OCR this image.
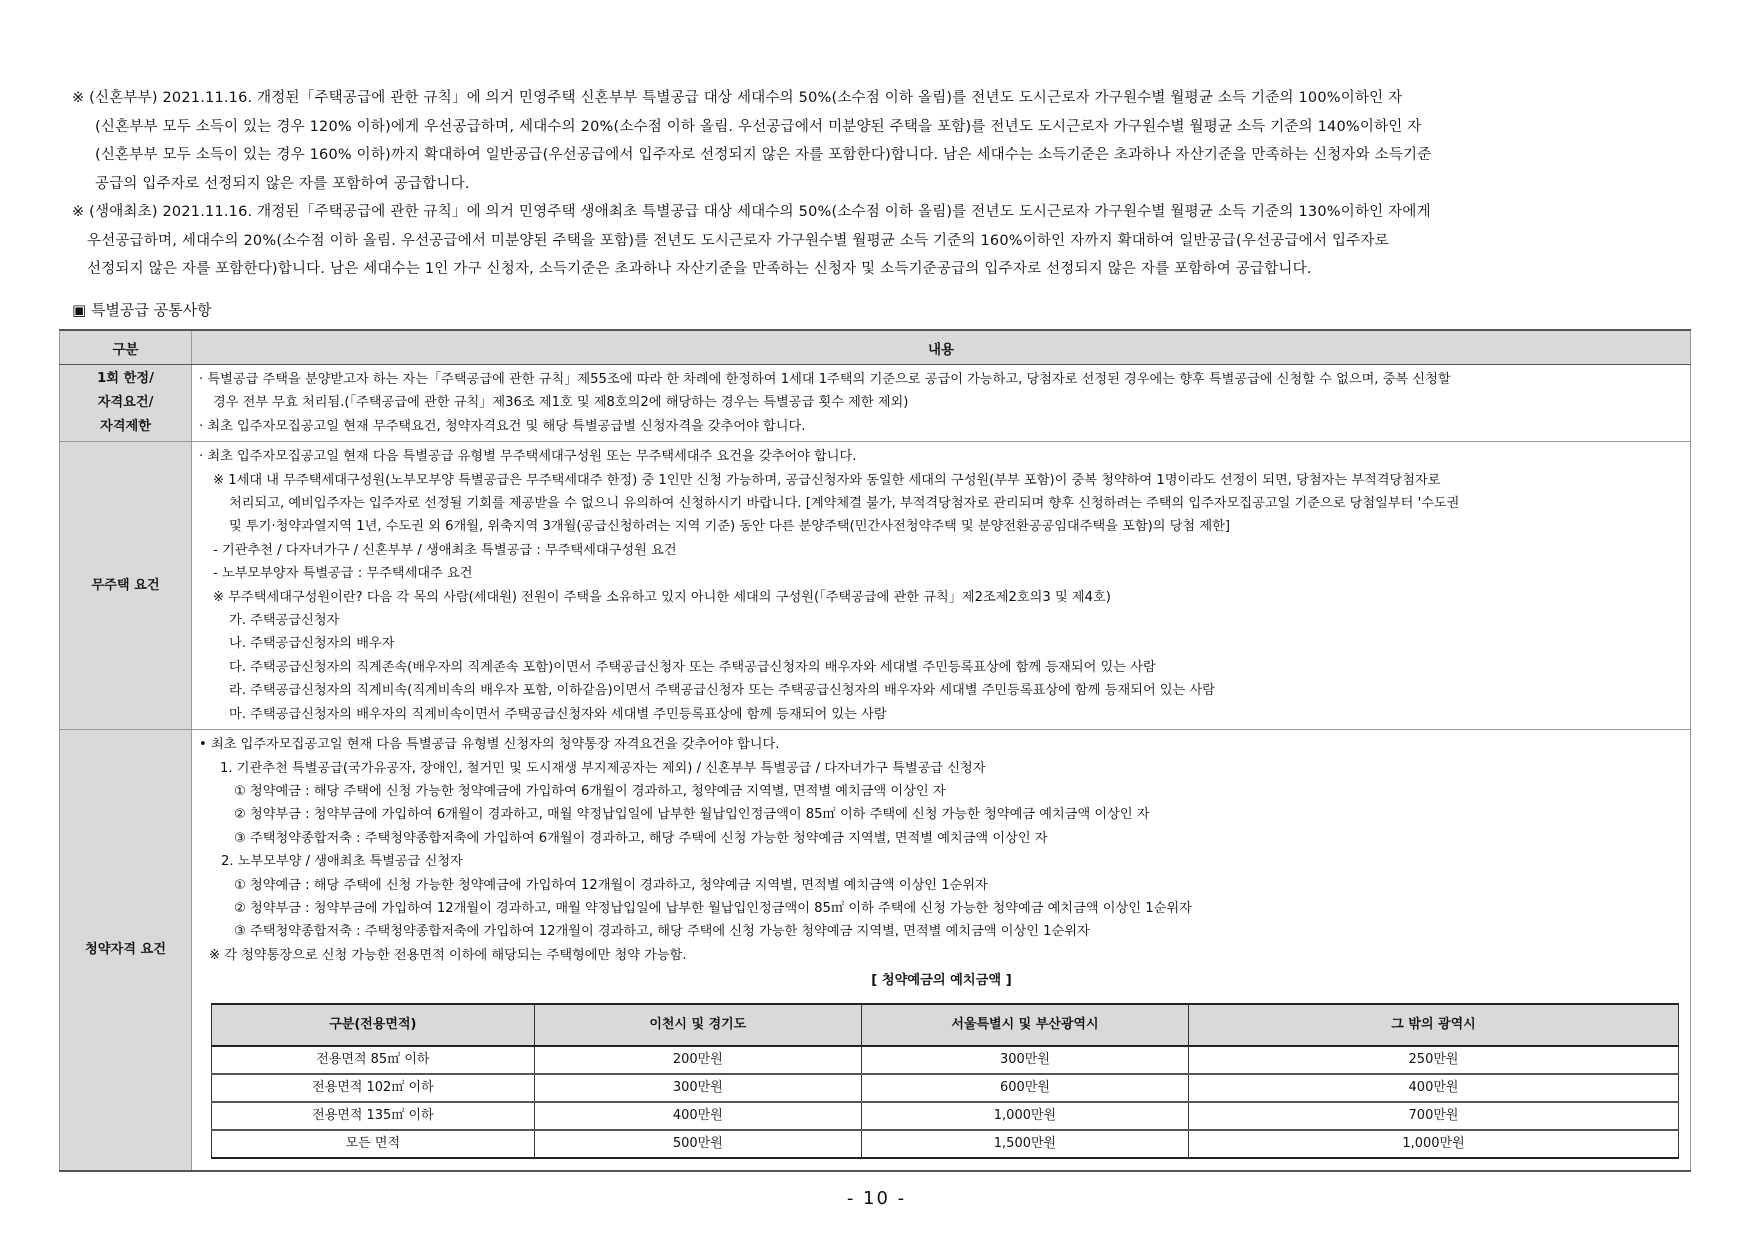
※ (신혼부부) 2021.11.16. 개정된「주택공급에 관한 규칙」에 의거 민영주택 신혼부부 특별공급 대상 세대수의 50%(소수점 이하 올림)를 전년도 도시근로자 가구원수별 월평균 소득 기준의 100%이하인 자
(신혼부부 모두 소득이 있는 경우 120% 이하)에게 우선공급하며, 세대수의 20%(소수점 이하 올림. 우선공급에서 미분양된 주택을 포함)를 전년도 도시근로자 가구원수별 월평균 소득 기준의 140%이하인 자
(신혼부부 모두 소득이 있는 경우 160% 이하)까지 확대하여 일반공급(우선공급에서 입주자로 선정되지 않은 자를 포함한다)합니다. 남은 세대수는 소득기준은 초과하나 자산기준을 만족하는 신청자와 소득기준
공급의 입주자로 선정되지 않은 자를 포함하여 공급합니다.

※ (생애최초) 2021.11.16. 개정된「주택공급에 관한 규칙」에 의거 민영주택 생애최초 특별공급 대상 세대수의 50%(소수점 이하 올림)를 전년도 도시근로자 가구원수별 월평균 소득 기준의 130%이하인 자에게
우선공급하며, 세대수의 20%(소수점 이하 올림. 우선공급에서 미분양된 주택을 포함)를 전년도 도시근로자 가구원수별 월평균 소득 기준의 160%이하인 자까지 확대하여 일반공급(우선공급에서 입주자로
선정되지 않은 자를 포함한다)합니다. 남은 세대수는 1인 가구 신청자, 소득기준은 초과하나 자산기준을 만족하는 신청자 및 소득기준공급의 입주자로 선정되지 않은 자를 포함하여 공급합니다.

▣ 특별공급 공통사항
구분	내용

1회 한정/
자격요건/
자격제한

· 특별공급 주택을 분양받고자 하는 자는「주택공급에 관한 규칙」제55조에 따라 한 차례에 한정하여 1세대 1주택의 기준으로 공급이 가능하고, 당첨자로 선정된 경우에는 향후 특별공급에 신청할 수 없으며, 중복 신청할
경우 전부 무효 처리됨.(「주택공급에 관한 규칙」제36조 제1호 및 제8호의2에 해당하는 경우는 특별공급 횟수 제한 제외)
· 최초 입주자모집공고일 현재 무주택요건, 청약자격요건 및 해당 특별공급별 신청자격을 갖추어야 합니다.

무주택 요건

· 최초 입주자모집공고일 현재 다음 특별공급 유형별 무주택세대구성원 또는 무주택세대주 요건을 갖추어야 합니다.
※ 1세대 내 무주택세대구성원(노부모부양 특별공급은 무주택세대주 한정) 중 1인만 신청 가능하며, 공급신청자와 동일한 세대의 구성원(부부 포함)이 중복 청약하여 1명이라도 선정이 되면, 당첨자는 부적격당첨자로
처리되고, 예비입주자는 입주자로 선정될 기회를 제공받을 수 없으니 유의하여 신청하시기 바랍니다. [계약체결 불가, 부적격당첨자로 관리되며 향후 신청하려는 주택의 입주자모집공고일 기준으로 당첨일부터 '수도권
및 투기·청약과열지역 1년, 수도권 외 6개월, 위축지역 3개월(공급신청하려는 지역 기준) 동안 다른 분양주택(민간사전청약주택 및 분양전환공공임대주택을 포함)의 당첨 제한]
- 기관추천 / 다자녀가구 / 신혼부부 / 생애최초 특별공급 : 무주택세대구성원 요건
- 노부모부양자 특별공급 : 무주택세대주 요건
※ 무주택세대구성원이란? 다음 각 목의 사람(세대원) 전원이 주택을 소유하고 있지 아니한 세대의 구성원(「주택공급에 관한 규칙」제2조제2호의3 및 제4호)
가. 주택공급신청자
나. 주택공급신청자의 배우자
다. 주택공급신청자의 직계존속(배우자의 직계존속 포함)이면서 주택공급신청자 또는 주택공급신청자의 배우자와 세대별 주민등록표상에 함께 등재되어 있는 사람
라. 주택공급신청자의 직계비속(직계비속의 배우자 포함, 이하같음)이면서 주택공급신청자 또는 주택공급신청자의 배우자와 세대별 주민등록표상에 함께 등재되어 있는 사람
마. 주택공급신청자의 배우자의 직계비속이면서 주택공급신청자와 세대별 주민등록표상에 함께 등재되어 있는 사람

청약자격 요건

• 최초 입주자모집공고일 현재 다음 특별공급 유형별 신청자의 청약통장 자격요건을 갖추어야 합니다.
1. 기관추천 특별공급(국가유공자, 장애인, 철거민 및 도시재생 부지제공자는 제외) / 신혼부부 특별공급 / 다자녀가구 특별공급 신청자
① 청약예금 : 해당 주택에 신청 가능한 청약예금에 가입하여 6개월이 경과하고, 청약예금 지역별, 면적별 예치금액 이상인 자
② 청약부금 : 청약부금에 가입하여 6개월이 경과하고, 매월 약정납입일에 납부한 월납입인정금액이 85㎡ 이하 주택에 신청 가능한 청약예금 예치금액 이상인 자
③ 주택청약종합저축 : 주택청약종합저축에 가입하여 6개월이 경과하고, 해당 주택에 신청 가능한 청약예금 지역별, 면적별 예치금액 이상인 자
2. 노부모부양 / 생애최초 특별공급 신청자
① 청약예금 : 해당 주택에 신청 가능한 청약예금에 가입하여 12개월이 경과하고, 청약예금 지역별, 면적별 예치금액 이상인 1순위자
② 청약부금 : 청약부금에 가입하여 12개월이 경과하고, 매월 약정납입일에 납부한 월납입인정금액이 85㎡ 이하 주택에 신청 가능한 청약예금 예치금액 이상인 1순위자
③ 주택청약종합저축 : 주택청약종합저축에 가입하여 12개월이 경과하고, 해당 주택에 신청 가능한 청약예금 지역별, 면적별 예치금액 이상인 1순위자
※ 각 청약통장으로 신청 가능한 전용면적 이하에 해당되는 주택형에만 청약 가능함.
[ 청약예금의 예치금액 ]
구분(전용면적)	이천시 및 경기도	서울특별시 및 부산광역시	그 밖의 광역시
전용면적 85㎡ 이하	200만원	300만원	250만원
전용면적 102㎡ 이하	300만원	600만원	400만원
전용면적 135㎡ 이하	400만원	1,000만원	700만원
모든 면적	500만원	1,500만원	1,000만원
- 10 -
